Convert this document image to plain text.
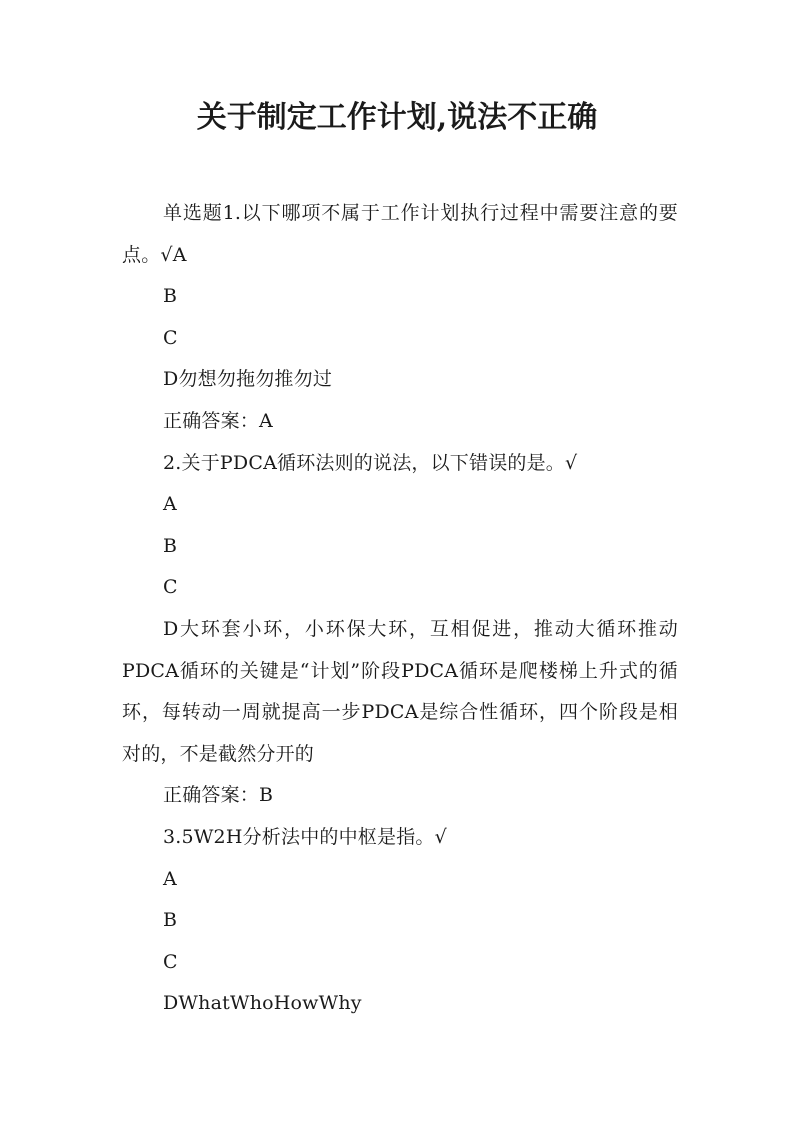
关于制定工作计划,说法不正确

单选题1.以下哪项不属于工作计划执行过程中需要注意的要点。√A

B

C

D勿想勿拖勿推勿过

正确答案：A

2.关于PDCA循环法则的说法，以下错误的是。√

A

B

C

D大环套小环，小环保大环，互相促进，推动大循环推动PDCA循环的关键是“计划”阶段PDCA循环是爬楼梯上升式的循环，每转动一周就提高一步PDCA是综合性循环，四个阶段是相对的，不是截然分开的

正确答案：B

3.5W2H分析法中的中枢是指。√

A

B

C

DWhatWhoHowWhy
